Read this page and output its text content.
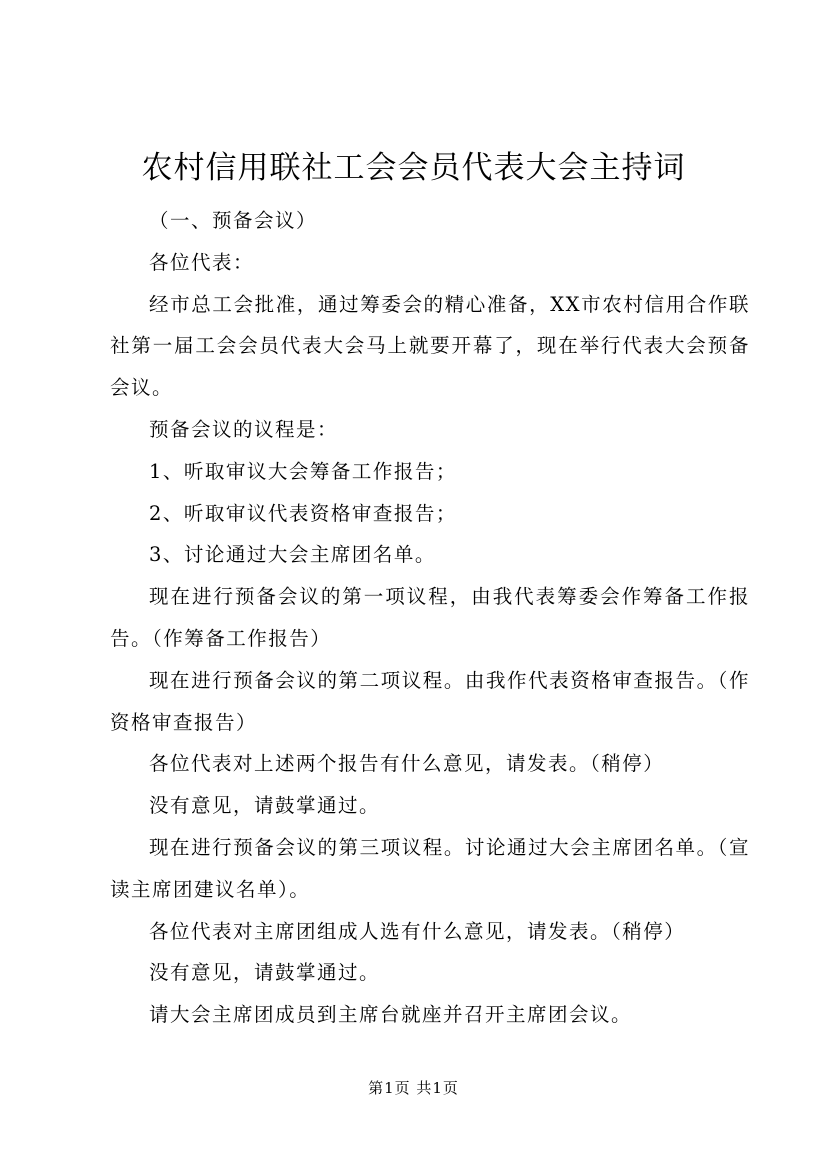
农村信用联社工会会员代表大会主持词

（一、预备会议）

各位代表：

经市总工会批准，通过筹委会的精心准备，XX市农村信用合作联社第一届工会会员代表大会马上就要开幕了，现在举行代表大会预备会议。

预备会议的议程是：

1、听取审议大会筹备工作报告；

2、听取审议代表资格审查报告；

3、讨论通过大会主席团名单。

现在进行预备会议的第一项议程，由我代表筹委会作筹备工作报告。（作筹备工作报告）

现在进行预备会议的第二项议程。由我作代表资格审查报告。（作资格审查报告）

各位代表对上述两个报告有什么意见，请发表。（稍停）

没有意见，请鼓掌通过。

现在进行预备会议的第三项议程。讨论通过大会主席团名单。（宣读主席团建议名单）。

各位代表对主席团组成人选有什么意见，请发表。（稍停）

没有意见，请鼓掌通过。

请大会主席团成员到主席台就座并召开主席团会议。

第1页 共1页
